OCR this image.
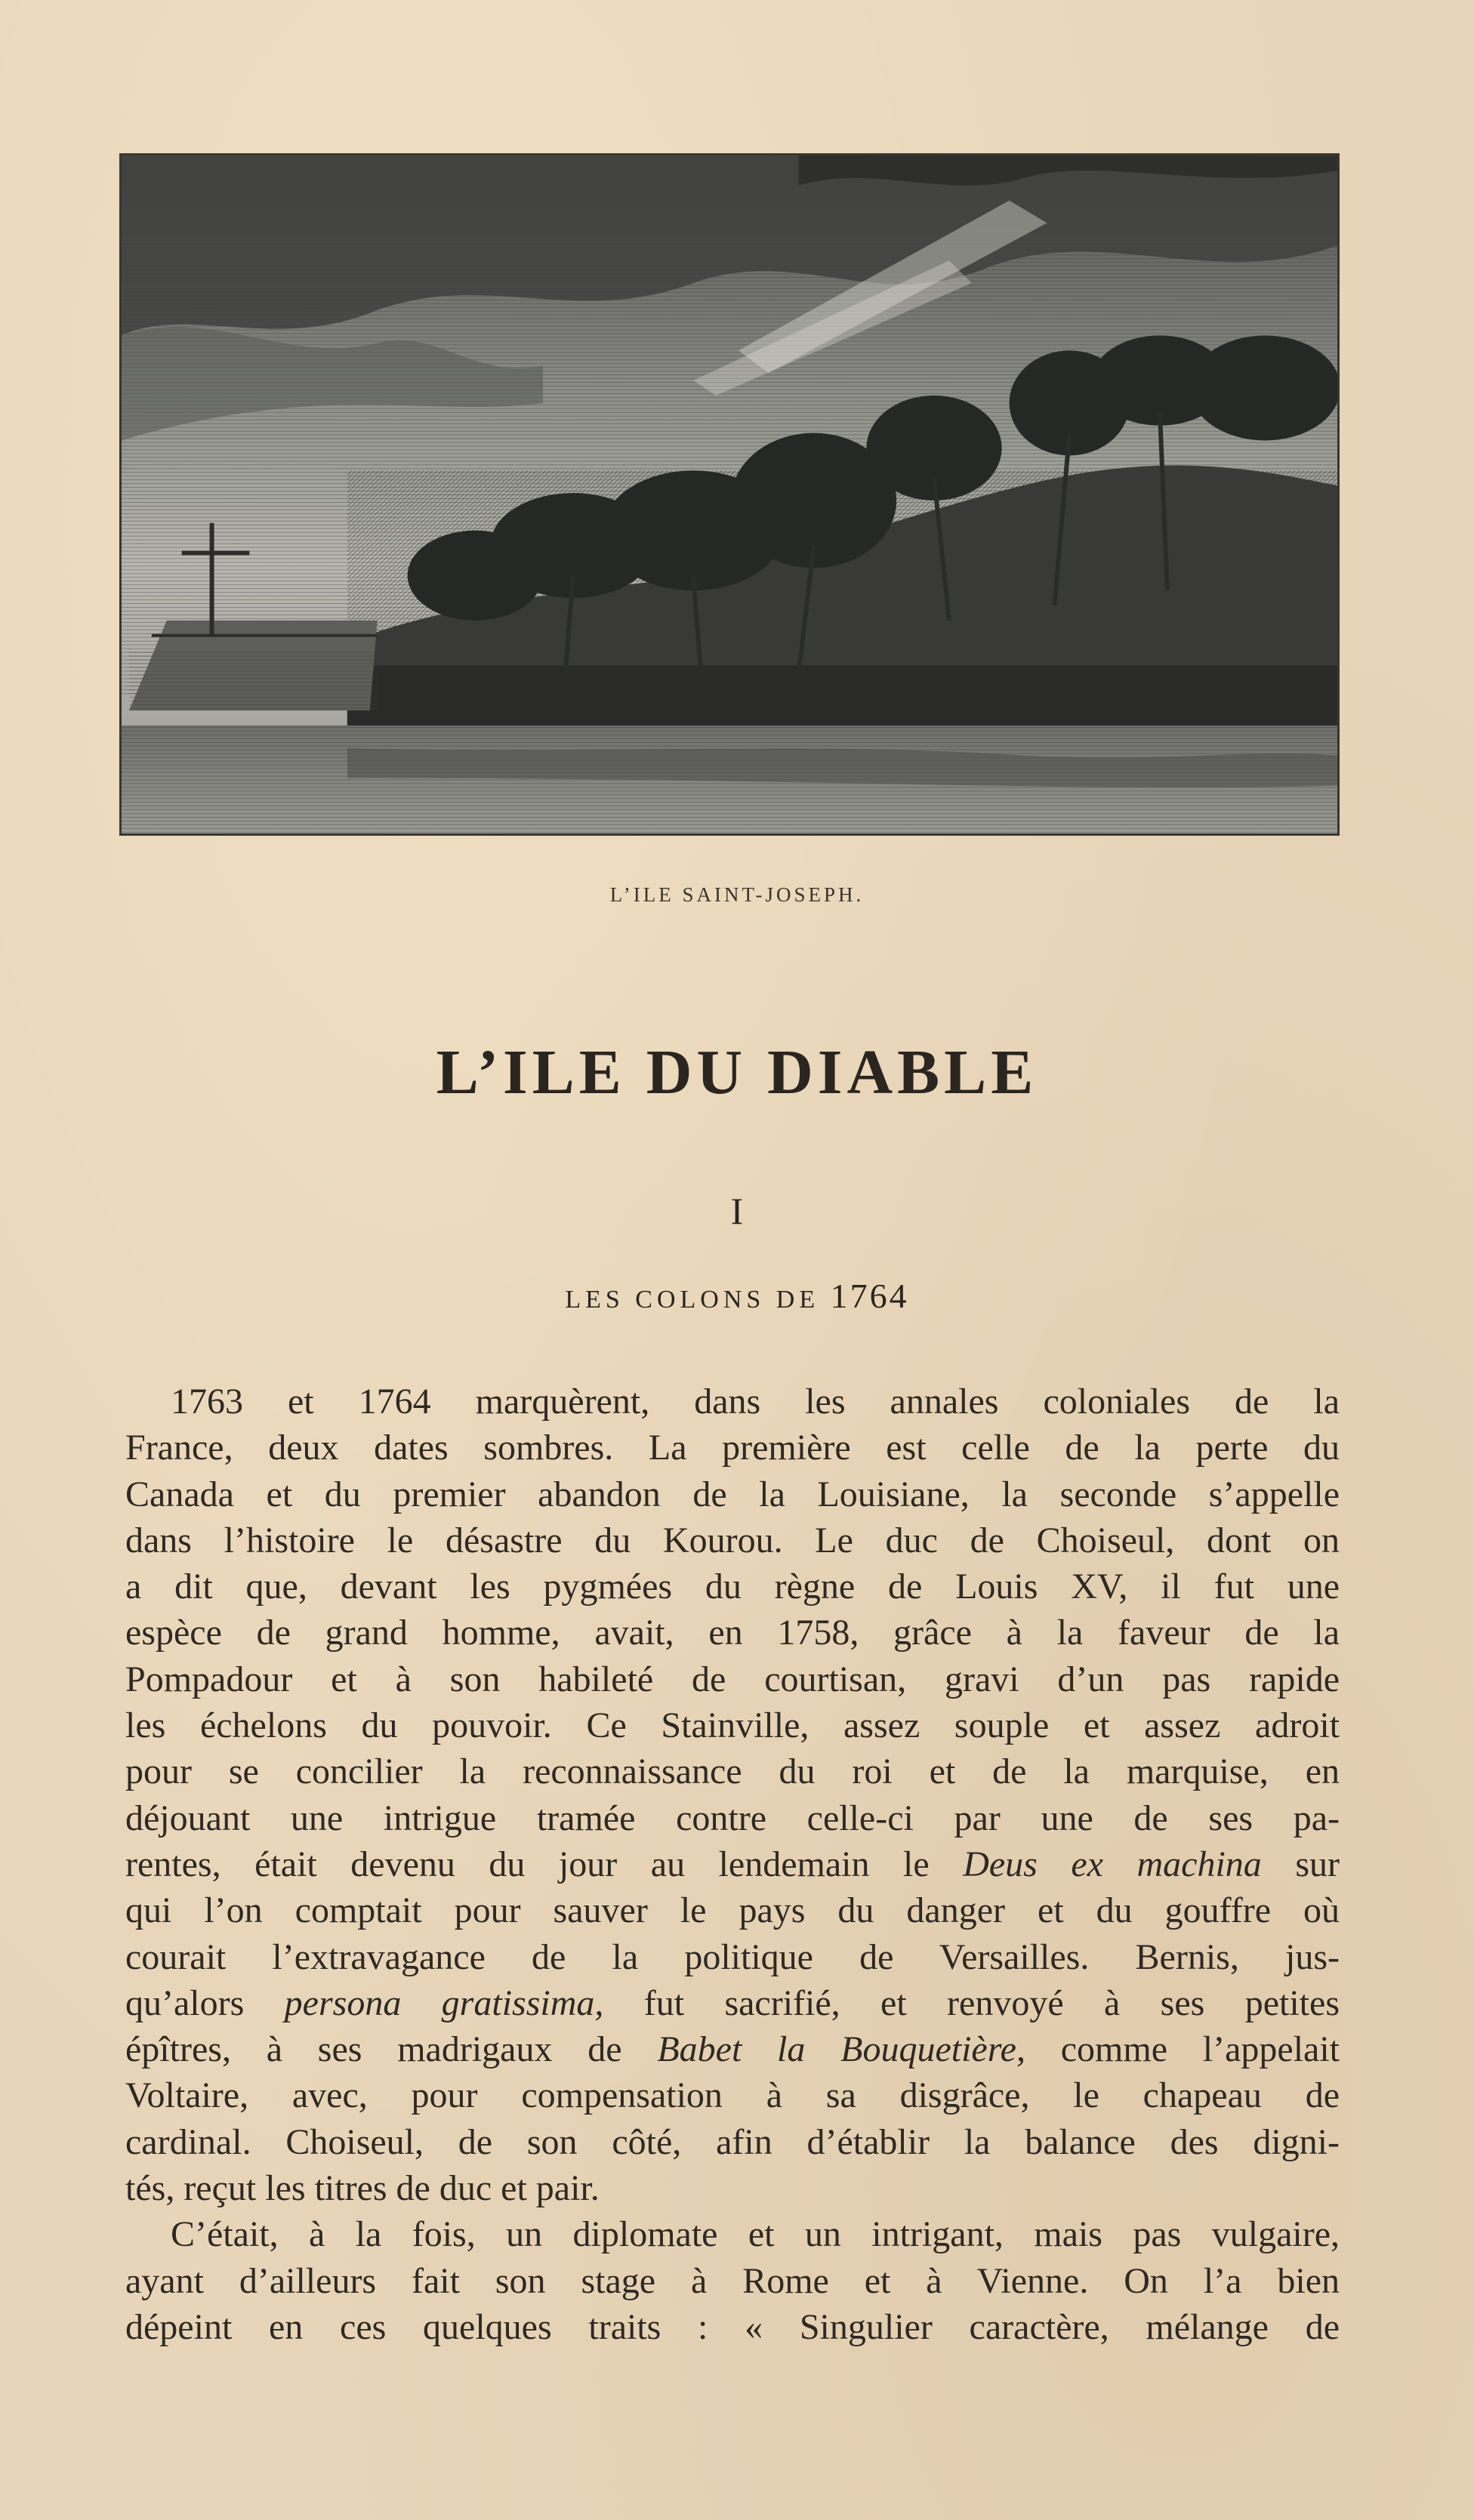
L’ILE SAINT-JOSEPH.
L’ILE DU DIABLE
I
LES COLONS DE 1764
1763 et 1764 marquèrent, dans les annales coloniales de la
France, deux dates sombres. La première est celle de la perte du
Canada et du premier abandon de la Louisiane, la seconde s’appelle
dans l’histoire le désastre du Kourou. Le duc de Choiseul, dont on
a dit que, devant les pygmées du règne de Louis XV, il fut une
espèce de grand homme, avait, en 1758, grâce à la faveur de la
Pompadour et à son habileté de courtisan, gravi d’un pas rapide
les échelons du pouvoir. Ce Stainville, assez souple et assez adroit
pour se concilier la reconnaissance du roi et de la marquise, en
déjouant une intrigue tramée contre celle-ci par une de ses pa-
rentes, était devenu du jour au lendemain le Deus ex machina sur
qui l’on comptait pour sauver le pays du danger et du gouffre où
courait l’extravagance de la politique de Versailles. Bernis, jus-
qu’alors persona gratissima, fut sacrifié, et renvoyé à ses petites
épîtres, à ses madrigaux de Babet la Bouquetière, comme l’appelait
Voltaire, avec, pour compensation à sa disgrâce, le chapeau de
cardinal. Choiseul, de son côté, afin d’établir la balance des digni-
tés, reçut les titres de duc et pair.
C’était, à la fois, un diplomate et un intrigant, mais pas vulgaire,
ayant d’ailleurs fait son stage à Rome et à Vienne. On l’a bien
dépeint en ces quelques traits : « Singulier caractère, mélange de
